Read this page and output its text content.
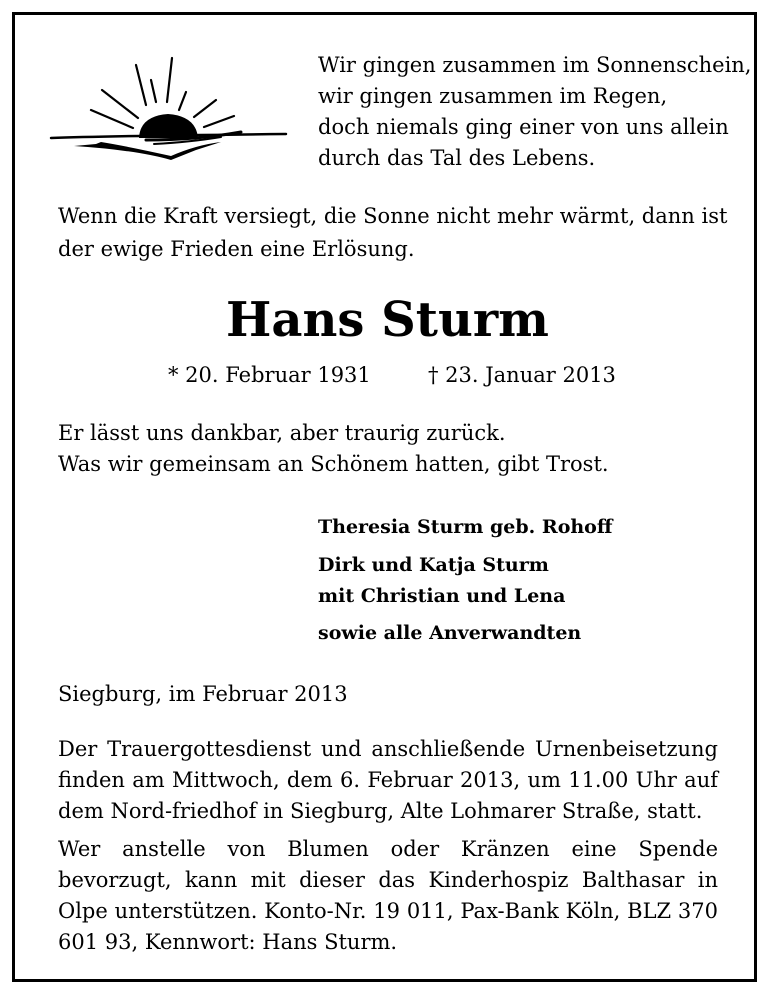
Wir gingen zusammen im Sonnenschein,
wir gingen zusammen im Regen,
doch niemals ging einer von uns allein
durch das Tal des Lebens.
Wenn die Kraft versiegt, die Sonne nicht mehr wärmt, dann ist der ewige Frieden eine Erlösung.
Hans Sturm
* 20. Februar 1931	† 23. Januar 2013
Er lässt uns dankbar, aber traurig zurück.
Was wir gemeinsam an Schönem hatten, gibt Trost.
Theresia Sturm geb. Rohoff
Dirk und Katja Sturm
mit Christian und Lena
sowie alle Anverwandten
Siegburg, im Februar 2013
Der Trauergottesdienst und anschließende Urnenbeisetzung finden am Mittwoch, dem 6. Februar 2013, um 11.00 Uhr auf dem Nord-friedhof in Siegburg, Alte Lohmarer Straße, statt.
Wer anstelle von Blumen oder Kränzen eine Spende bevorzugt, kann mit dieser das Kinderhospiz Balthasar in Olpe unterstützen. Konto-Nr. 19 011, Pax-Bank Köln, BLZ 370 601 93, Kennwort: Hans Sturm.
